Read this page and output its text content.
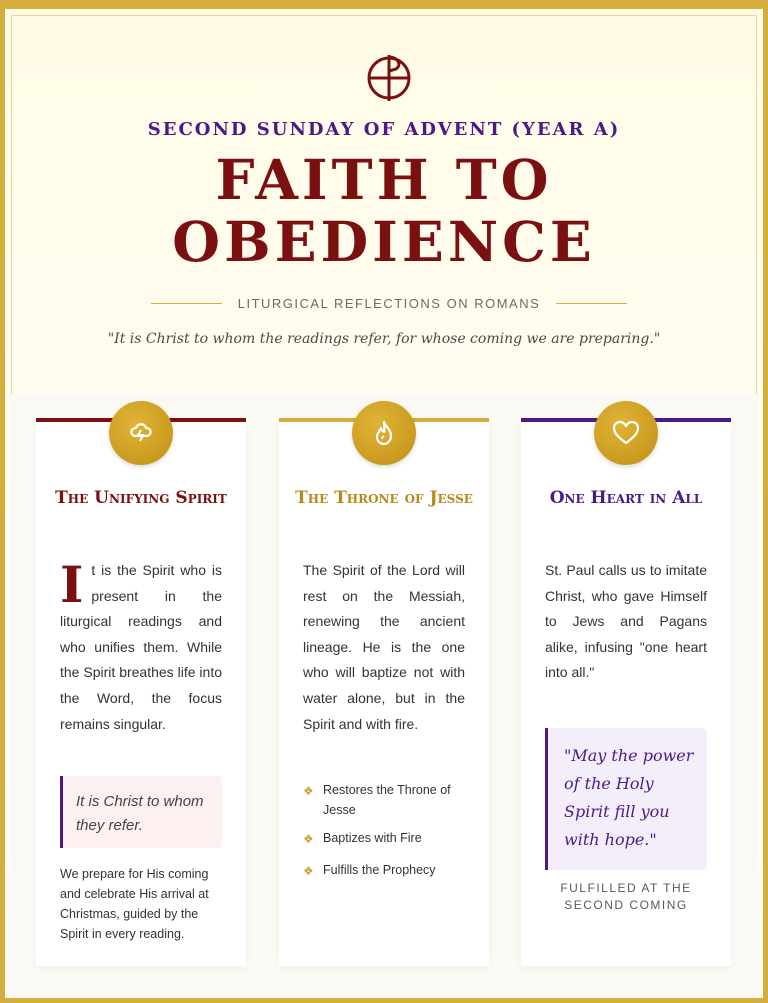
SECOND SUNDAY OF ADVENT (YEAR A)
FAITH TO
OBEDIENCE
LITURGICAL REFLECTIONS ON ROMANS
"It is Christ to whom the readings refer, for whose coming we are preparing."
The Unifying Spirit
It is the Spirit who is present in the liturgical readings and who unifies them. While the Spirit breathes life into the Word, the focus remains singular.
It is Christ to whom they refer.
We prepare for His coming and celebrate His arrival at Christmas, guided by the Spirit in every reading.
The Throne of Jesse
The Spirit of the Lord will rest on the Messiah, renewing the ancient lineage. He is the one who will baptize not with water alone, but in the Spirit and with fire.
❖ Restores the Throne of Jesse
❖ Baptizes with Fire
❖ Fulfills the Prophecy
One Heart in All
St. Paul calls us to imitate Christ, who gave Himself to Jews and Pagans alike, infusing "one heart into all."
"May the power of the Holy Spirit fill you with hope."
FULFILLED AT THE SECOND COMING
